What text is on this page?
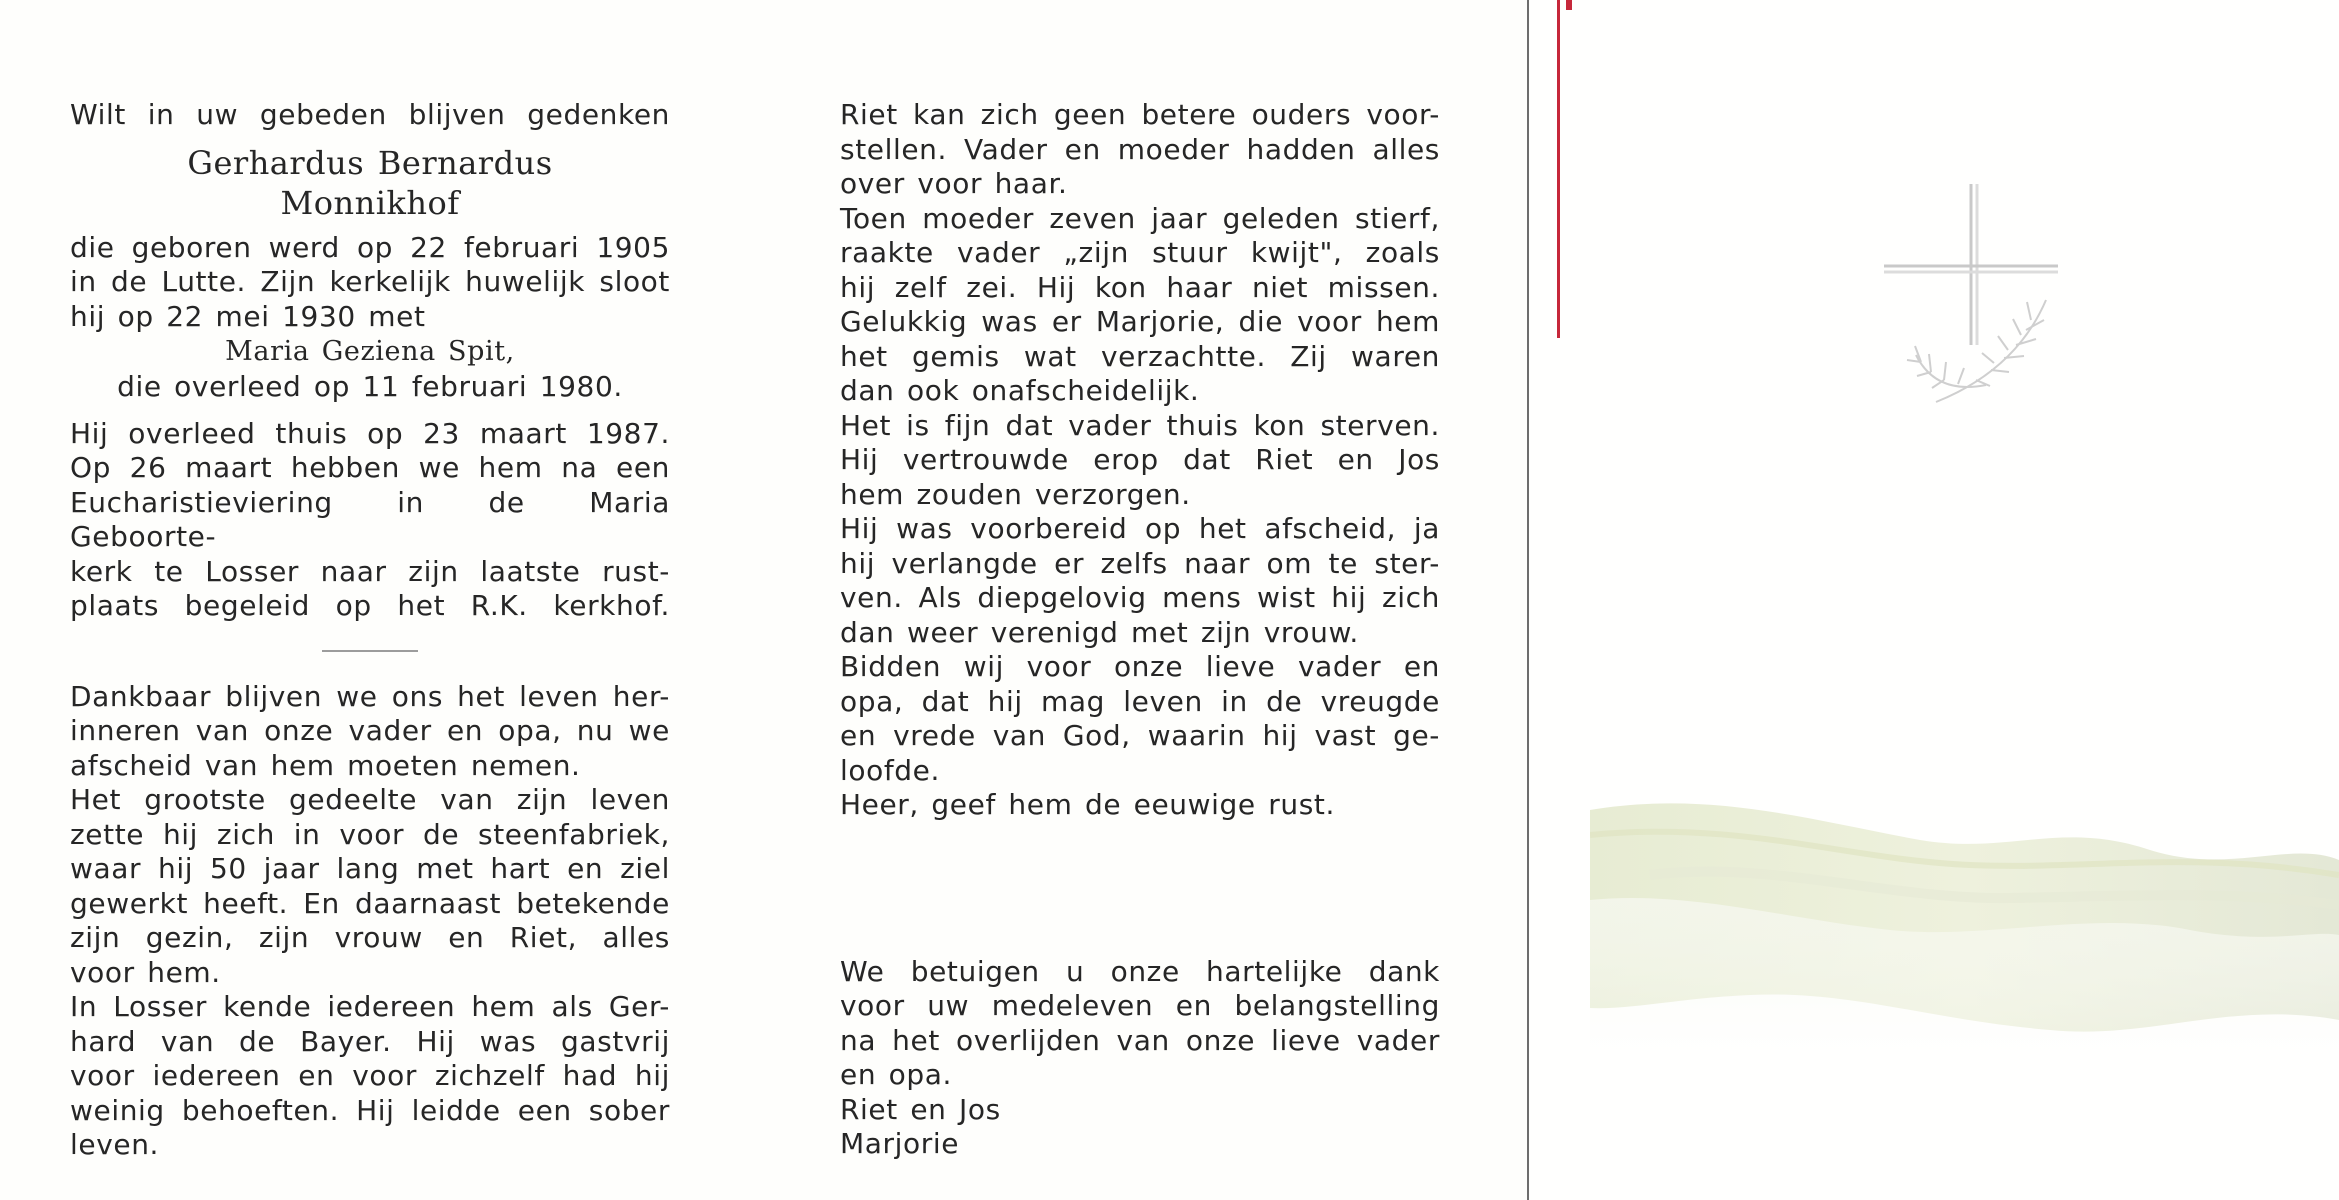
Wilt in uw gebeden blijven gedenken

Gerhardus Bernardus

Monnikhof

die geboren werd op 22 februari 1905

in de Lutte. Zijn kerkelijk huwelijk sloot

hij op 22 mei 1930 met

Maria Geziena Spit,

die overleed op 11 februari 1980.

Hij overleed thuis op 23 maart 1987.

Op 26 maart hebben we hem na een

Eucharistieviering in de Maria Geboorte-

kerk te Losser naar zijn laatste rust-

plaats begeleid op het R.K. kerkhof.

Dankbaar blijven we ons het leven her-

inneren van onze vader en opa, nu we

afscheid van hem moeten nemen.

Het grootste gedeelte van zijn leven

zette hij zich in voor de steenfabriek,

waar hij 50 jaar lang met hart en ziel

gewerkt heeft. En daarnaast betekende

zijn gezin, zijn vrouw en Riet, alles

voor hem.

In Losser kende iedereen hem als Ger-

hard van de Bayer. Hij was gastvrij

voor iedereen en voor zichzelf had hij

weinig behoeften. Hij leidde een sober

leven.

Riet kan zich geen betere ouders voor-

stellen. Vader en moeder hadden alles

over voor haar.

Toen moeder zeven jaar geleden stierf,

raakte vader „zijn stuur kwijt", zoals

hij zelf zei. Hij kon haar niet missen.

Gelukkig was er Marjorie, die voor hem

het gemis wat verzachtte. Zij waren

dan ook onafscheidelijk.

Het is fijn dat vader thuis kon sterven.

Hij vertrouwde erop dat Riet en Jos

hem zouden verzorgen.

Hij was voorbereid op het afscheid, ja

hij verlangde er zelfs naar om te ster-

ven. Als diepgelovig mens wist hij zich

dan weer verenigd met zijn vrouw.

Bidden wij voor onze lieve vader en

opa, dat hij mag leven in de vreugde

en vrede van God, waarin hij vast ge-

loofde.

Heer, geef hem de eeuwige rust.

We betuigen u onze hartelijke dank

voor uw medeleven en belangstelling

na het overlijden van onze lieve vader

en opa.

Riet en Jos

Marjorie
